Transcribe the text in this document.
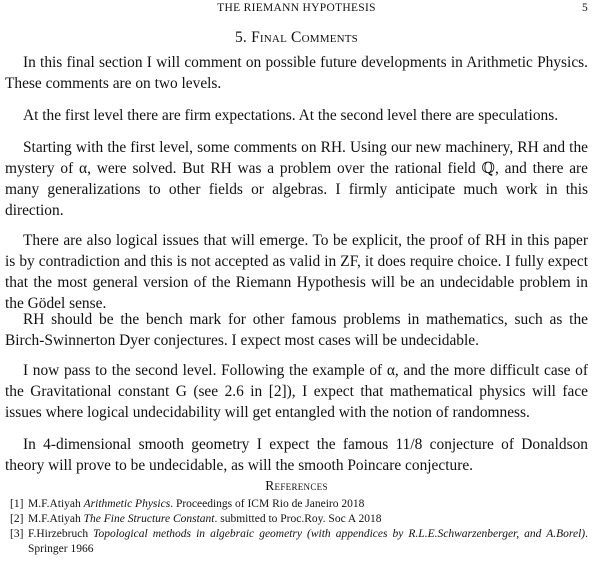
THE RIEMANN HYPOTHESIS	5
5. Final Comments

In this final section I will comment on possible future developments in Arithmetic Physics. These comments are on two levels.

At the first level there are firm expectations. At the second level there are speculations.

Starting with the first level, some comments on RH. Using our new machinery, RH and the mystery of α, were solved. But RH was a problem over the rational field ℚ, and there are many generalizations to other fields or algebras. I firmly anticipate much work in this direction.

There are also logical issues that will emerge. To be explicit, the proof of RH in this paper is by contradiction and this is not accepted as valid in ZF, it does require choice. I fully expect that the most general version of the Riemann Hypothesis will be an undecidable problem in the Gödel sense.

RH should be the bench mark for other famous problems in mathematics, such as the Birch-Swinnerton Dyer conjectures. I expect most cases will be undecidable.

I now pass to the second level. Following the example of α, and the more difficult case of the Gravitational constant G (see 2.6 in [2]), I expect that mathematical physics will face issues where logical undecidability will get entangled with the notion of randomness.

In 4-dimensional smooth geometry I expect the famous 11/8 conjecture of Donaldson theory will prove to be undecidable, as will the smooth Poincare conjecture.

References
[1] M.F.Atiyah Arithmetic Physics. Proceedings of ICM Rio de Janeiro 2018
[2] M.F.Atiyah The Fine Structure Constant. submitted to Proc.Roy. Soc A 2018
[3] F.Hirzebruch Topological methods in algebraic geometry (with appendices by R.L.E.Schwarzenberger, and A.Borel). Springer 1966
